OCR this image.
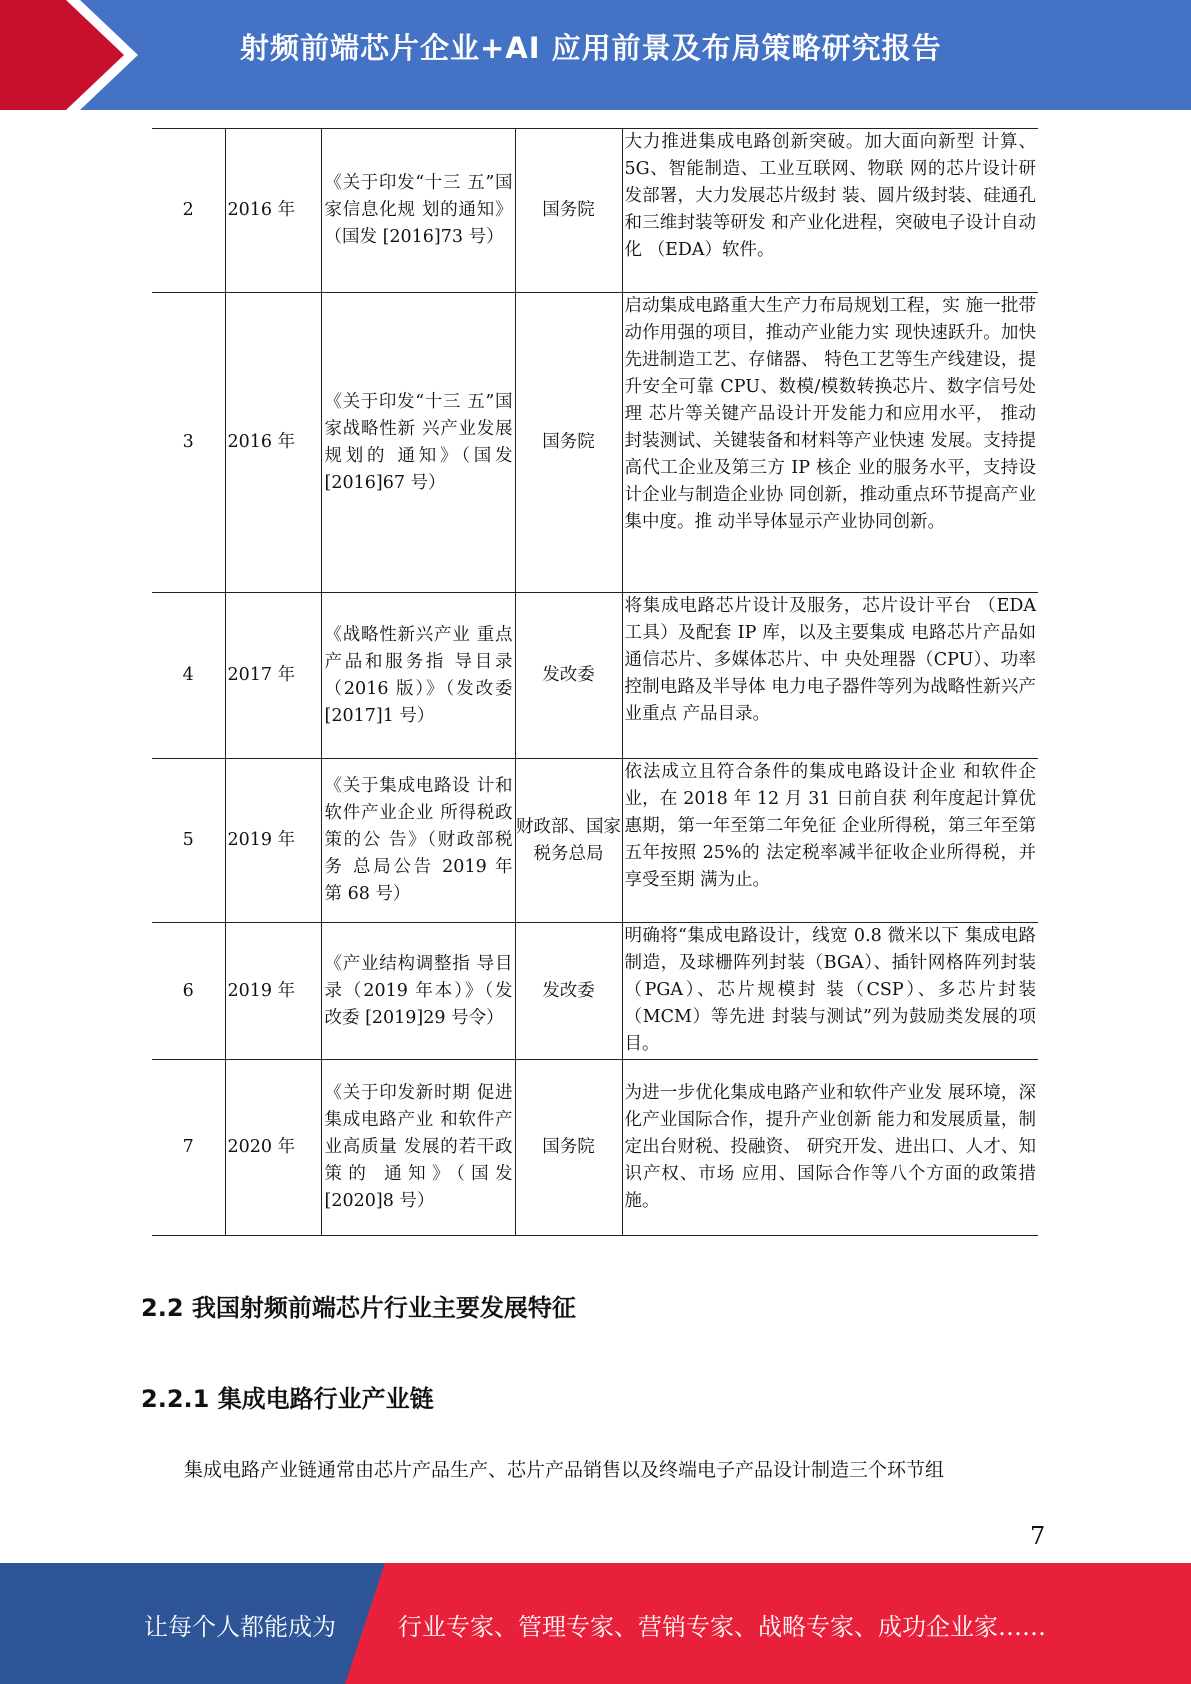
射频前端芯片企业+AI 应用前景及布局策略研究报告
2	2016 年	《关于印发“十三 五”国家信息化规 划的通知》（国发 [2016]73 号）	国务院	大力推进集成电路创新突破。加大面向新型 计算、5G、智能制造、工业互联网、物联 网的芯片设计研发部署，大力发展芯片级封 装、圆片级封装、硅通孔和三维封装等研发 和产业化进程，突破电子设计自动化 （EDA）软件。
3	2016 年	《关于印发“十三 五”国家战略性新 兴产业发展规划的 通知》（国发 [2016]67 号）	国务院	启动集成电路重大生产力布局规划工程，实 施一批带动作用强的项目，推动产业能力实 现快速跃升。加快先进制造工艺、存储器、 特色工艺等生产线建设，提升安全可靠 CPU、数模/模数转换芯片、数字信号处理 芯片等关键产品设计开发能力和应用水平， 推动封装测试、关键装备和材料等产业快速 发展。支持提高代工企业及第三方 IP 核企 业的服务水平，支持设计企业与制造企业协 同创新，推动重点环节提高产业集中度。推 动半导体显示产业协同创新。
4	2017 年	《战略性新兴产业 重点产品和服务指 导目录（2016 版）》（发改委[2017]1 号）	发改委	将集成电路芯片设计及服务，芯片设计平台 （EDA 工具）及配套 IP 库，以及主要集成 电路芯片产品如通信芯片、多媒体芯片、中 央处理器（CPU）、功率控制电路及半导体 电力电子器件等列为战略性新兴产业重点 产品目录。
5	2019 年	《关于集成电路设 计和软件产业企业 所得税政策的公 告》（财政部税务 总局公告 2019 年 第 68 号）	财政部、国家税务总局	依法成立且符合条件的集成电路设计企业 和软件企业，在 2018 年 12 月 31 日前自获 利年度起计算优惠期，第一年至第二年免征 企业所得税，第三年至第五年按照 25%的 法定税率减半征收企业所得税，并享受至期 满为止。
6	2019 年	《产业结构调整指 导目录（2019 年本）》（发改委 [2019]29 号令）	发改委	明确将“集成电路设计，线宽 0.8 微米以下 集成电路制造，及球栅阵列封装（BGA）、插针网格阵列封装（PGA）、芯片规模封 装（CSP）、多芯片封装（MCM）等先进 封装与测试”列为鼓励类发展的项目。
7	2020 年	《关于印发新时期 促进集成电路产业 和软件产业高质量 发展的若干政策的 通知》（国发[2020]8 号）	国务院	为进一步优化集成电路产业和软件产业发 展环境，深化产业国际合作，提升产业创新 能力和发展质量，制定出台财税、投融资、 研究开发、进出口、人才、知识产权、市场 应用、国际合作等八个方面的政策措施。
2.2 我国射频前端芯片行业主要发展特征
2.2.1 集成电路行业产业链
集成电路产业链通常由芯片产品生产、芯片产品销售以及终端电子产品设计制造三个环节组
7
让每个人都能成为	行业专家、管理专家、营销专家、战略专家、成功企业家……
